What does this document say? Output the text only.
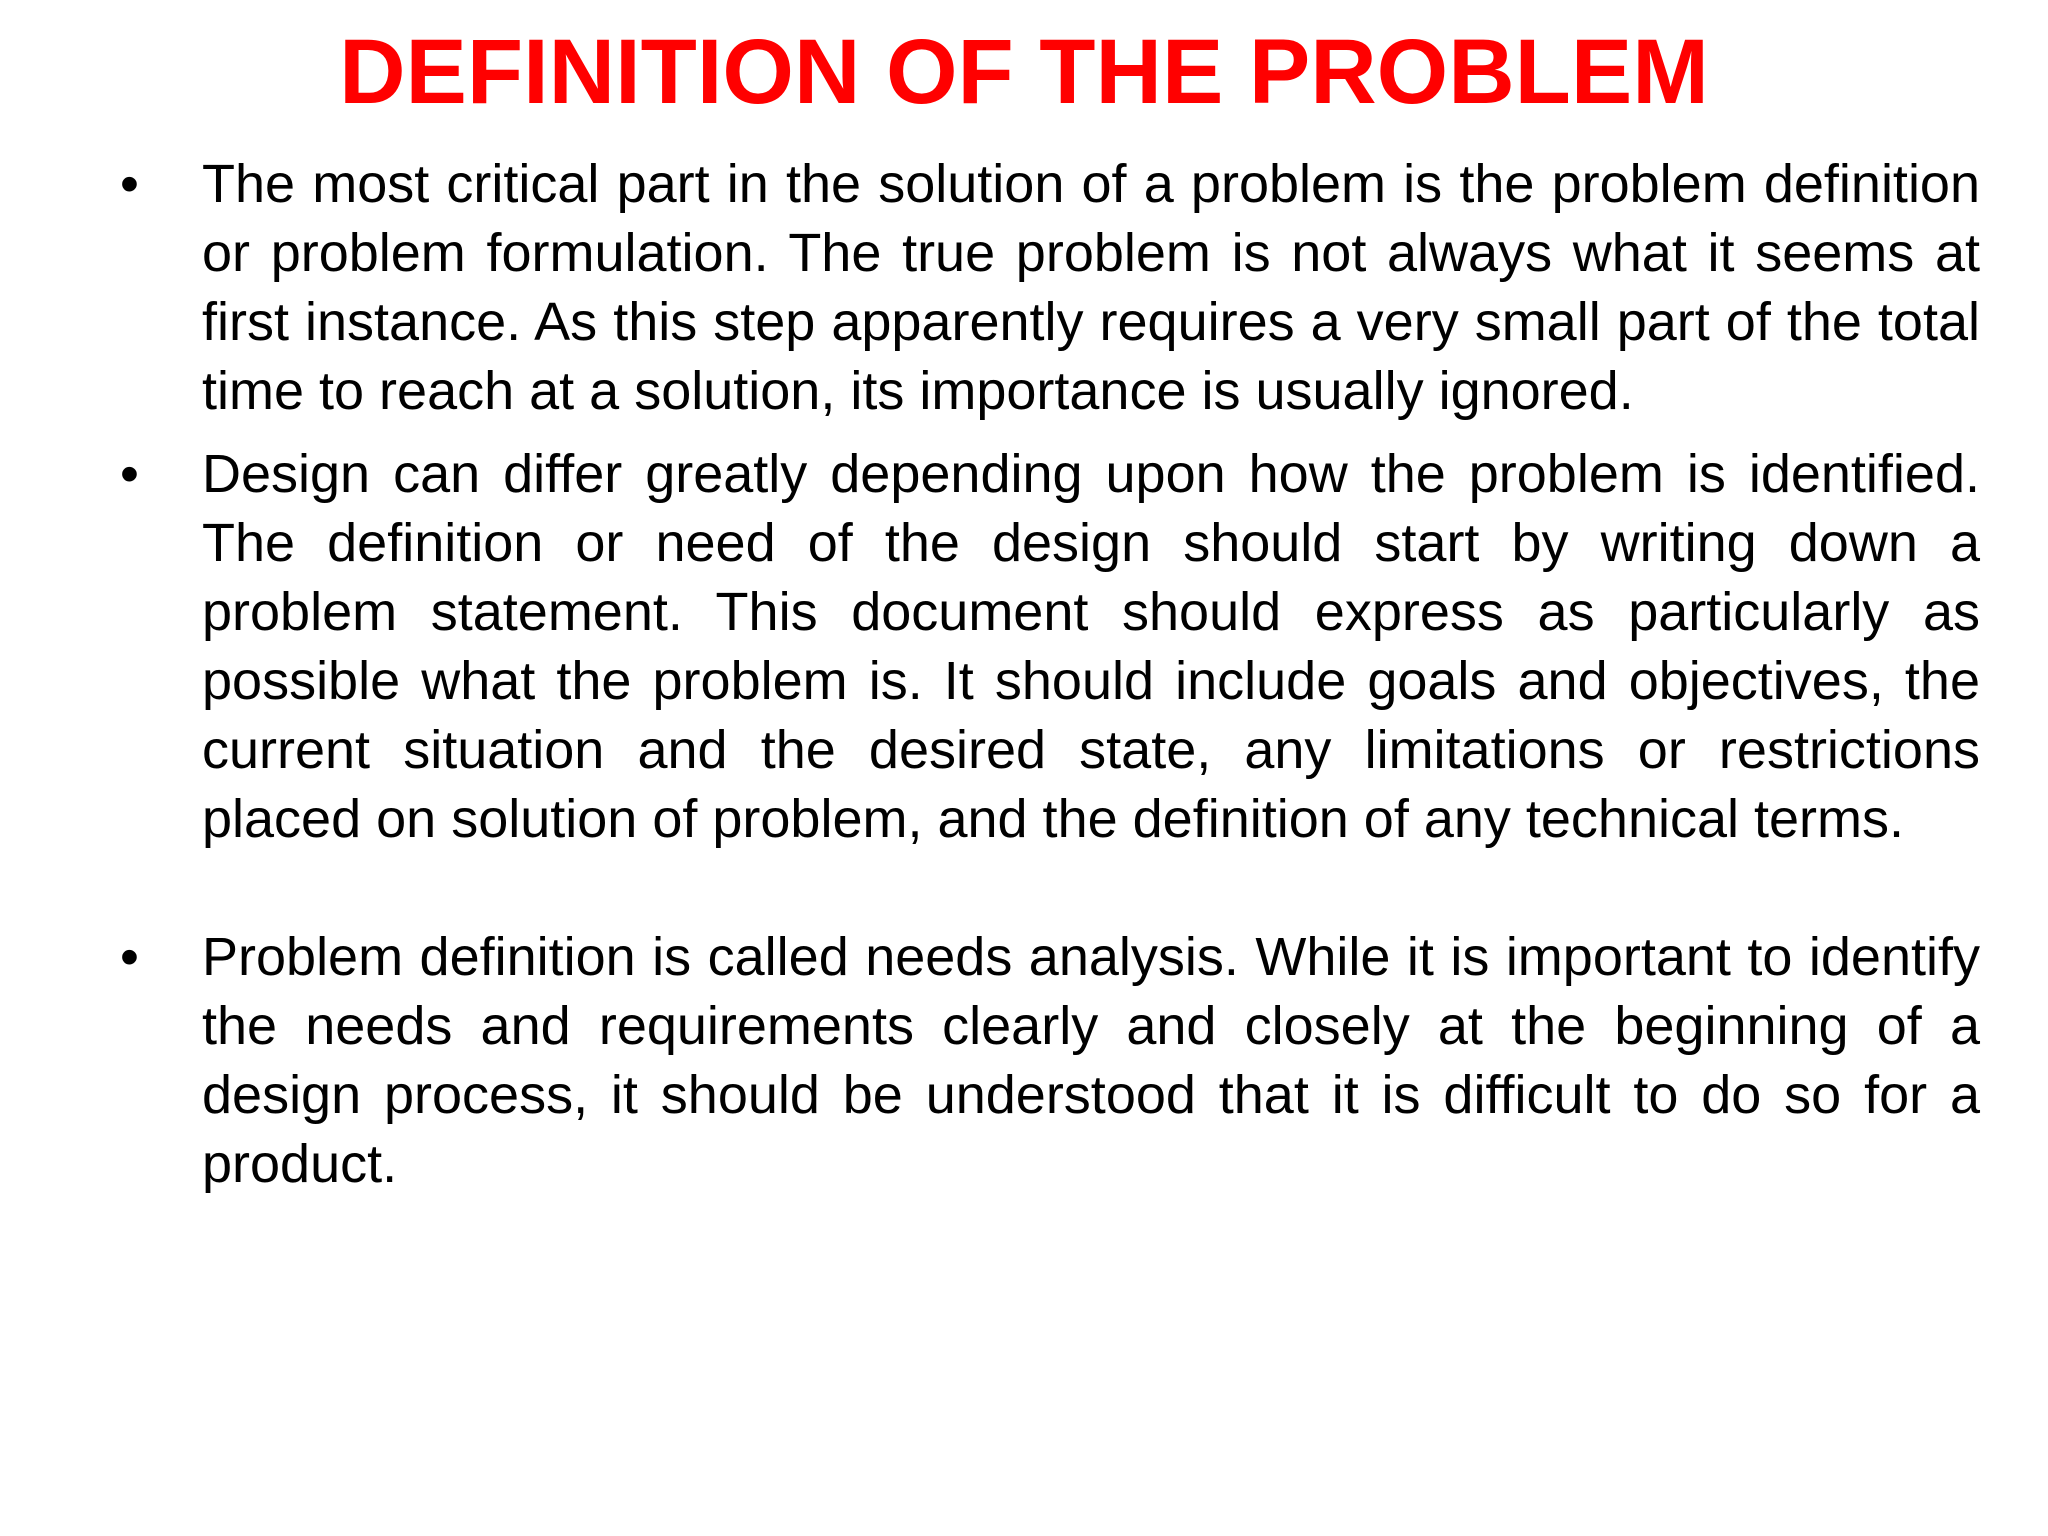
DEFINITION OF THE PROBLEM
• The most critical part in the solution of a problem is the problem definition or problem formulation. The true problem is not always what it seems at first instance. As this step apparently requires a very small part of the total time to reach at a solution, its importance is usually ignored.
• Design can differ greatly depending upon how the problem is identified. The definition or need of the design should start by writing down a problem statement. This document should express as particularly as possible what the problem is. It should include goals and objectives, the current situation and the desired state, any limitations or restrictions placed on solution of problem, and the definition of any technical terms.
• Problem definition is called needs analysis. While it is important to identify the needs and requirements clearly and closely at the beginning of a design process, it should be understood that it is difficult to do so for a product.
